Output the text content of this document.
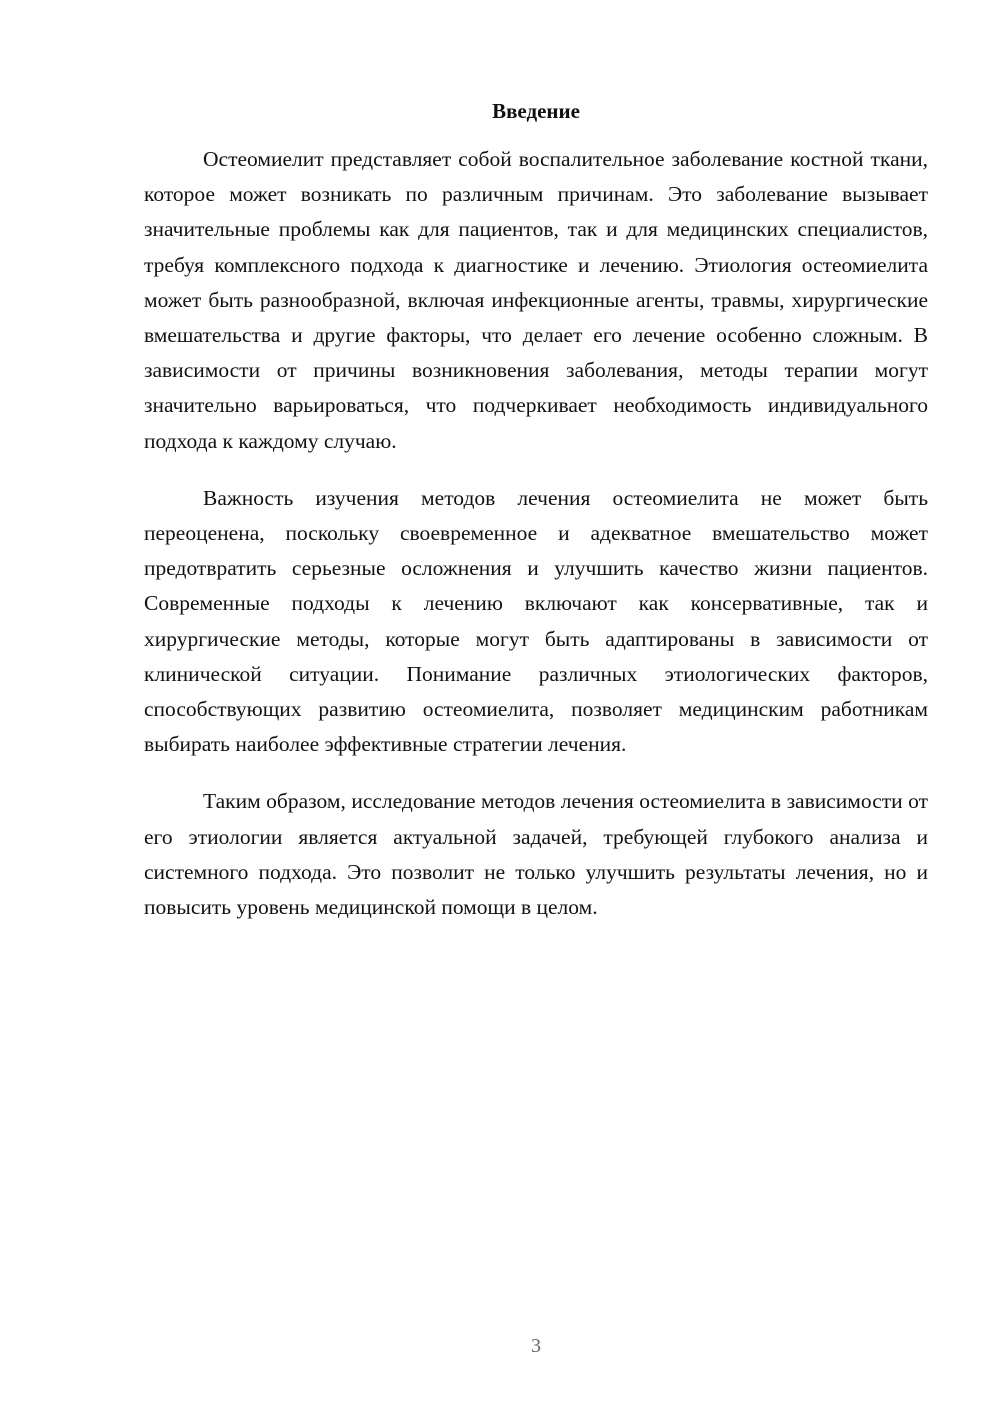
Введение

Остеомиелит представляет собой воспалительное заболевание костной ткани, которое может возникать по различным причинам. Это заболевание вызывает значительные проблемы как для пациентов, так и для медицинских специалистов, требуя комплексного подхода к диагностике и лечению. Этиология остеомиелита может быть разнообразной, включая инфекционные агенты, травмы, хирургические вмешательства и другие факторы, что делает его лечение особенно сложным. В зависимости от причины возникновения заболевания, методы терапии могут значительно варьироваться, что подчеркивает необходимость индивидуального подхода к каждому случаю.

Важность изучения методов лечения остеомиелита не может быть переоценена, поскольку своевременное и адекватное вмешательство может предотвратить серьезные осложнения и улучшить качество жизни пациентов. Современные подходы к лечению включают как консервативные, так и хирургические методы, которые могут быть адаптированы в зависимости от клинической ситуации. Понимание различных этиологических факторов, способствующих развитию остеомиелита, позволяет медицинским работникам выбирать наиболее эффективные стратегии лечения.

Таким образом, исследование методов лечения остеомиелита в зависимости от его этиологии является актуальной задачей, требующей глубокого анализа и системного подхода. Это позволит не только улучшить результаты лечения, но и повысить уровень медицинской помощи в целом.

3
